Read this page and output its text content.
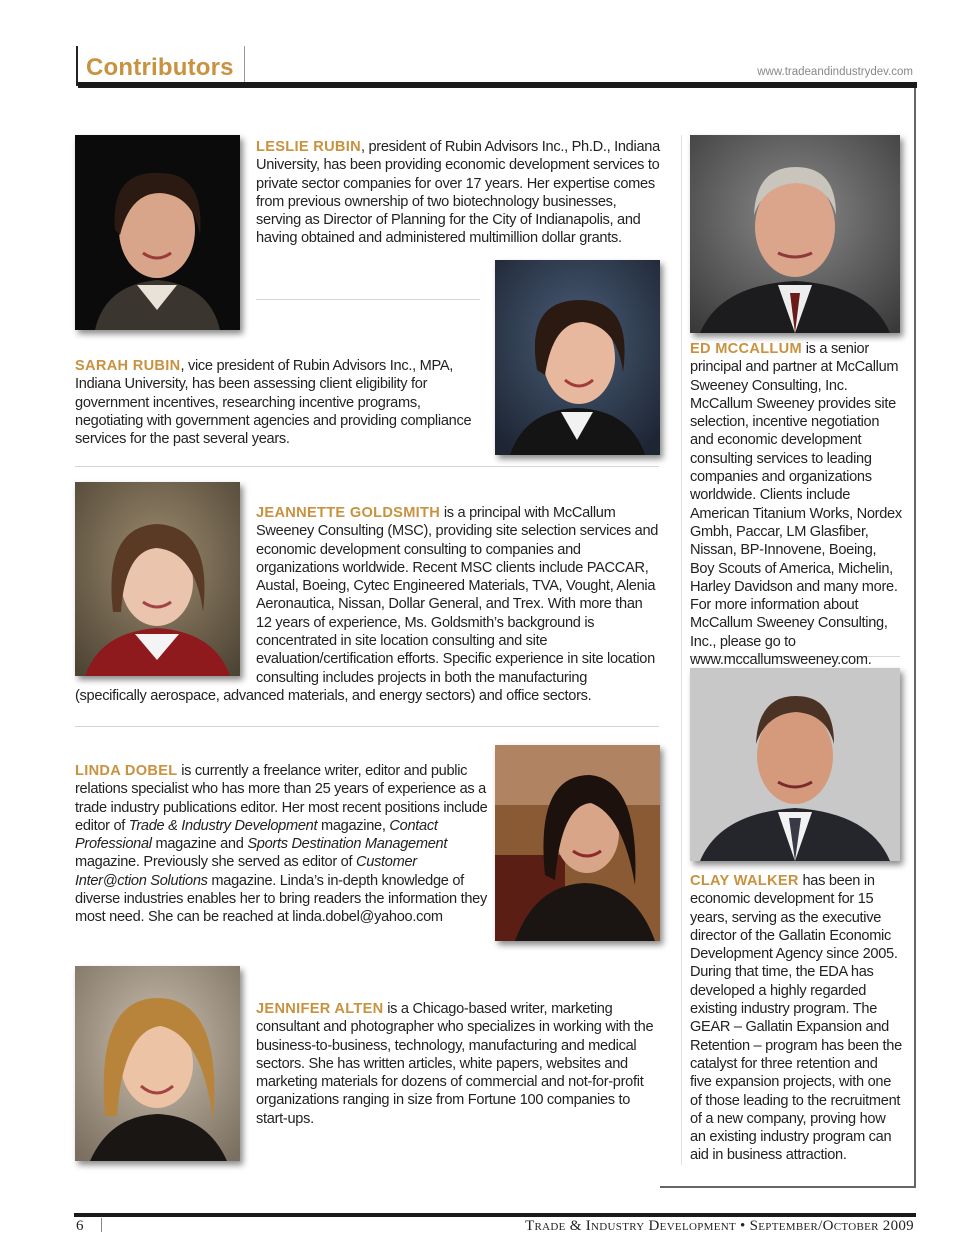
Contributors	www.tradeandindustrydev.com
LESLIE RUBIN, president of Rubin Advisors Inc., Ph.D., Indiana University, has been providing economic development services to private sector companies for over 17 years. Her expertise comes from previous ownership of two biotechnology businesses, serving as Director of Planning for the City of Indianapolis, and having obtained and administered multimillion dollar grants.
SARAH RUBIN, vice president of Rubin Advisors Inc., MPA, Indiana University, has been assessing client eligibility for government incentives, researching incentive programs, negotiating with government agencies and providing compliance services for the past several years.
JEANNETTE GOLDSMITH is a principal with McCallum Sweeney Consulting (MSC), providing site selection services and economic development consulting to companies and organizations worldwide. Recent MSC clients include PACCAR, Austal, Boeing, Cytec Engineered Materials, TVA, Vought, Alenia Aeronautica, Nissan, Dollar General, and Trex. With more than 12 years of experience, Ms. Goldsmith’s background is concentrated in site location consulting and site evaluation/certification efforts. Specific experience in site location consulting includes projects in both the manufacturing (specifically aerospace, advanced materials, and energy sectors) and office sectors.
LINDA DOBEL is currently a freelance writer, editor and public relations specialist who has more than 25 years of experience as a trade industry publications editor. Her most recent positions include editor of Trade & Industry Development magazine, Contact Professional magazine and Sports Destination Management magazine. Previously she served as editor of Customer Inter@ction Solutions magazine. Linda’s in-depth knowledge of diverse industries enables her to bring readers the information they most need. She can be reached at linda.dobel@yahoo.com
JENNIFER ALTEN is a Chicago-based writer, marketing consultant and photographer who specializes in working with the business-to-business, technology, manufacturing and medical sectors. She has written articles, white papers, websites and marketing materials for dozens of commercial and not-for-profit organizations ranging in size from Fortune 100 companies to start-ups.
ED MCCALLUM is a senior principal and partner at McCallum Sweeney Consulting, Inc. McCallum Sweeney provides site selection, incentive negotiation and economic development consulting services to leading companies and organizations worldwide. Clients include American Titanium Works, Nordex Gmbh, Paccar, LM Glasfiber, Nissan, BP-Innovene, Boeing, Boy Scouts of America, Michelin, Harley Davidson and many more. For more information about McCallum Sweeney Consulting, Inc., please go to www.mccallumsweeney.com.
CLAY WALKER has been in economic development for 15 years, serving as the executive director of the Gallatin Economic Development Agency since 2005. During that time, the EDA has developed a highly regarded existing industry program. The GEAR – Gallatin Expansion and Retention – program has been the catalyst for three retention and five expansion projects, with one of those leading to the recruitment of a new company, proving how an existing industry program can aid in business attraction.
6	Trade & Industry Development • September/October 2009
